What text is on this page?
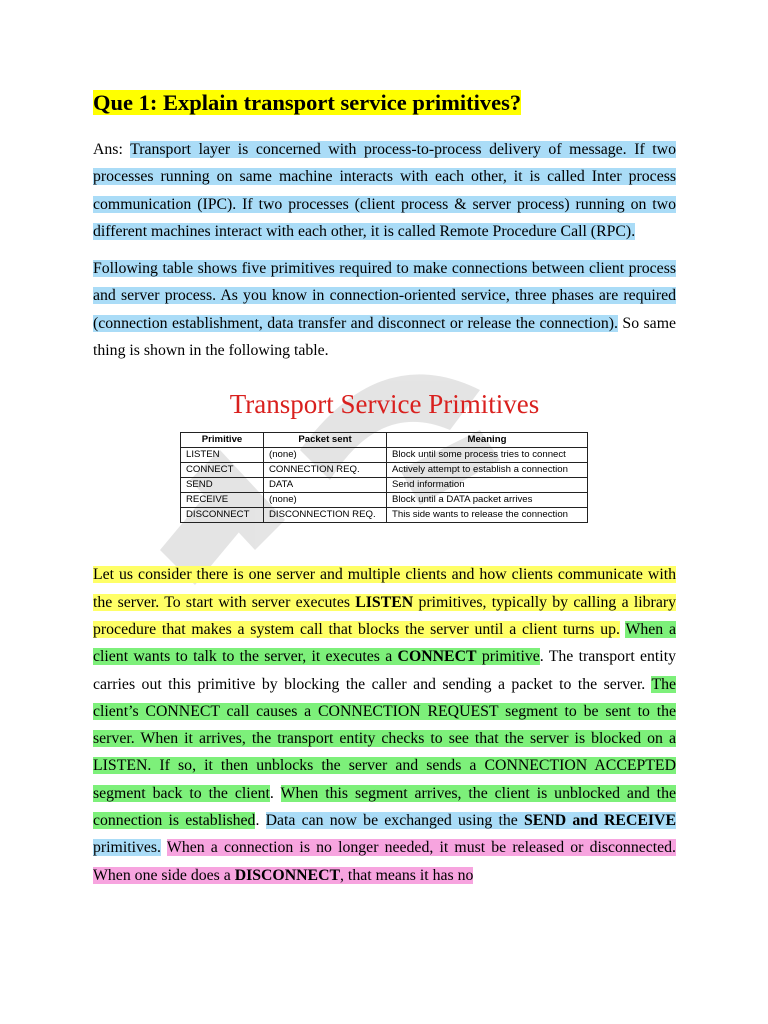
Que 1: Explain transport service primitives?

Ans: Transport layer is concerned with process-to-process delivery of message. If two processes running on same machine interacts with each other, it is called Inter process communication (IPC). If two processes (client process & server process) running on two different machines interact with each other, it is called Remote Procedure Call (RPC).

Following table shows five primitives required to make connections between client process and server process. As you know in connection-oriented service, three phases are required (connection establishment, data transfer and disconnect or release the connection). So same thing is shown in the following table.

Transport Service Primitives
Primitive	Packet sent	Meaning
LISTEN	(none)	Block until some process tries to connect
CONNECT	CONNECTION REQ.	Actively attempt to establish a connection
SEND	DATA	Send information
RECEIVE	(none)	Block until a DATA packet arrives
DISCONNECT	DISCONNECTION REQ.	This side wants to release the connection

Let us consider there is one server and multiple clients and how clients communicate with the server. To start with server executes LISTEN primitives, typically by calling a library procedure that makes a system call that blocks the server until a client turns up. When a client wants to talk to the server, it executes a CONNECT primitive. The transport entity carries out this primitive by blocking the caller and sending a packet to the server. The client’s CONNECT call causes a CONNECTION REQUEST segment to be sent to the server. When it arrives, the transport entity checks to see that the server is blocked on a LISTEN. If so, it then unblocks the server and sends a CONNECTION ACCEPTED segment back to the client. When this segment arrives, the client is unblocked and the connection is established. Data can now be exchanged using the SEND and RECEIVE primitives. When a connection is no longer needed, it must be released or disconnected. When one side does a DISCONNECT, that means it has no
